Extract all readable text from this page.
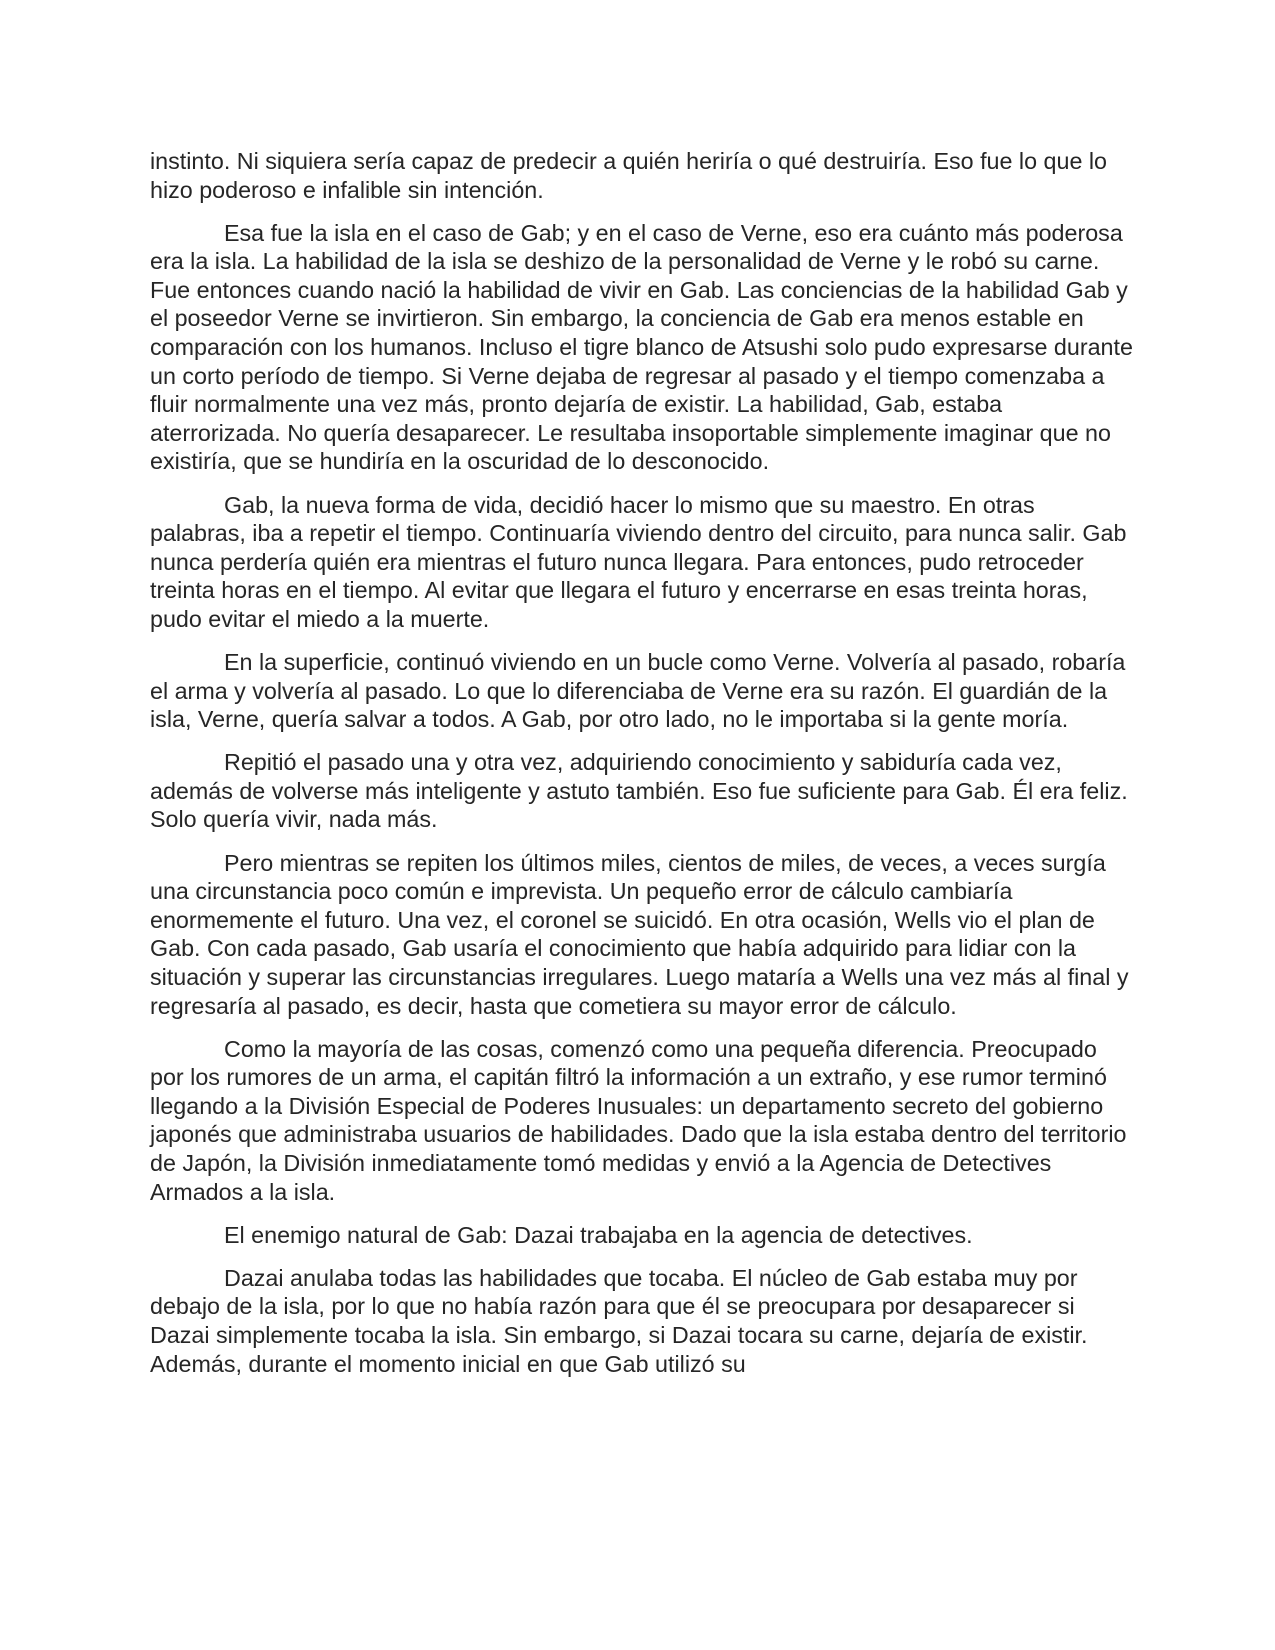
instinto. Ni siquiera sería capaz de predecir a quién heriría o qué destruiría. Eso fue lo que lo hizo poderoso e infalible sin intención.

Esa fue la isla en el caso de Gab; y en el caso de Verne, eso era cuánto más poderosa era la isla. La habilidad de la isla se deshizo de la personalidad de Verne y le robó su carne. Fue entonces cuando nació la habilidad de vivir en Gab. Las conciencias de la habilidad Gab y el poseedor Verne se invirtieron. Sin embargo, la conciencia de Gab era menos estable en comparación con los humanos. Incluso el tigre blanco de Atsushi solo pudo expresarse durante un corto período de tiempo. Si Verne dejaba de regresar al pasado y el tiempo comenzaba a fluir normalmente una vez más, pronto dejaría de existir. La habilidad, Gab, estaba aterrorizada. No quería desaparecer. Le resultaba insoportable simplemente imaginar que no existiría, que se hundiría en la oscuridad de lo desconocido.

Gab, la nueva forma de vida, decidió hacer lo mismo que su maestro. En otras palabras, iba a repetir el tiempo. Continuaría viviendo dentro del circuito, para nunca salir. Gab nunca perdería quién era mientras el futuro nunca llegara. Para entonces, pudo retroceder treinta horas en el tiempo. Al evitar que llegara el futuro y encerrarse en esas treinta horas, pudo evitar el miedo a la muerte.

En la superficie, continuó viviendo en un bucle como Verne. Volvería al pasado, robaría el arma y volvería al pasado. Lo que lo diferenciaba de Verne era su razón. El guardián de la isla, Verne, quería salvar a todos. A Gab, por otro lado, no le importaba si la gente moría.

Repitió el pasado una y otra vez, adquiriendo conocimiento y sabiduría cada vez, además de volverse más inteligente y astuto también. Eso fue suficiente para Gab. Él era feliz. Solo quería vivir, nada más.

Pero mientras se repiten los últimos miles, cientos de miles, de veces, a veces surgía una circunstancia poco común e imprevista. Un pequeño error de cálculo cambiaría enormemente el futuro. Una vez, el coronel se suicidó. En otra ocasión, Wells vio el plan de Gab. Con cada pasado, Gab usaría el conocimiento que había adquirido para lidiar con la situación y superar las circunstancias irregulares. Luego mataría a Wells una vez más al final y regresaría al pasado, es decir, hasta que cometiera su mayor error de cálculo.

Como la mayoría de las cosas, comenzó como una pequeña diferencia. Preocupado por los rumores de un arma, el capitán filtró la información a un extraño, y ese rumor terminó llegando a la División Especial de Poderes Inusuales: un departamento secreto del gobierno japonés que administraba usuarios de habilidades. Dado que la isla estaba dentro del territorio de Japón, la División inmediatamente tomó medidas y envió a la Agencia de Detectives Armados a la isla.

El enemigo natural de Gab: Dazai trabajaba en la agencia de detectives.

Dazai anulaba todas las habilidades que tocaba. El núcleo de Gab estaba muy por debajo de la isla, por lo que no había razón para que él se preocupara por desaparecer si Dazai simplemente tocaba la isla. Sin embargo, si Dazai tocara su carne, dejaría de existir. Además, durante el momento inicial en que Gab utilizó su
